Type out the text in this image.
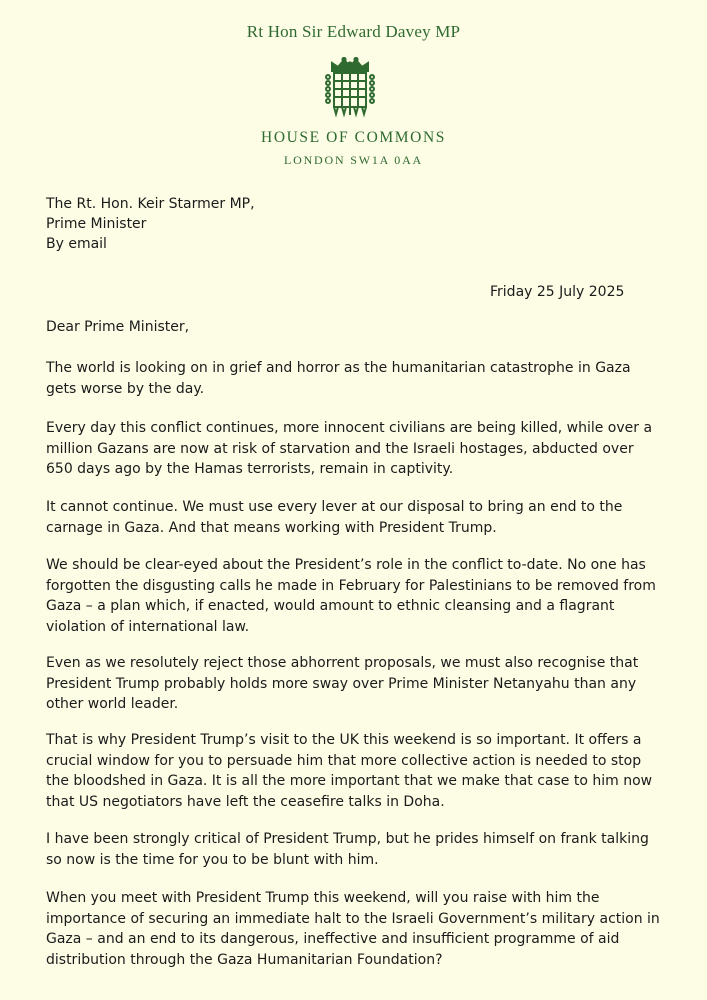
Rt Hon Sir Edward Davey MP
HOUSE OF COMMONS
LONDON SW1A 0AA
The Rt. Hon. Keir Starmer MP,
Prime Minister
By email
Friday 25 July 2025
Dear Prime Minister,
The world is looking on in grief and horror as the humanitarian catastrophe in Gaza gets worse by the day.
Every day this conflict continues, more innocent civilians are being killed, while over a million Gazans are now at risk of starvation and the Israeli hostages, abducted over 650 days ago by the Hamas terrorists, remain in captivity.
It cannot continue. We must use every lever at our disposal to bring an end to the carnage in Gaza. And that means working with President Trump.
We should be clear-eyed about the President’s role in the conflict to-date. No one has forgotten the disgusting calls he made in February for Palestinians to be removed from Gaza – a plan which, if enacted, would amount to ethnic cleansing and a flagrant violation of international law.
Even as we resolutely reject those abhorrent proposals, we must also recognise that President Trump probably holds more sway over Prime Minister Netanyahu than any other world leader.
That is why President Trump’s visit to the UK this weekend is so important. It offers a crucial window for you to persuade him that more collective action is needed to stop the bloodshed in Gaza. It is all the more important that we make that case to him now that US negotiators have left the ceasefire talks in Doha.
I have been strongly critical of President Trump, but he prides himself on frank talking so now is the time for you to be blunt with him.
When you meet with President Trump this weekend, will you raise with him the importance of securing an immediate halt to the Israeli Government’s military action in Gaza – and an end to its dangerous, ineffective and insufficient programme of aid distribution through the Gaza Humanitarian Foundation?
